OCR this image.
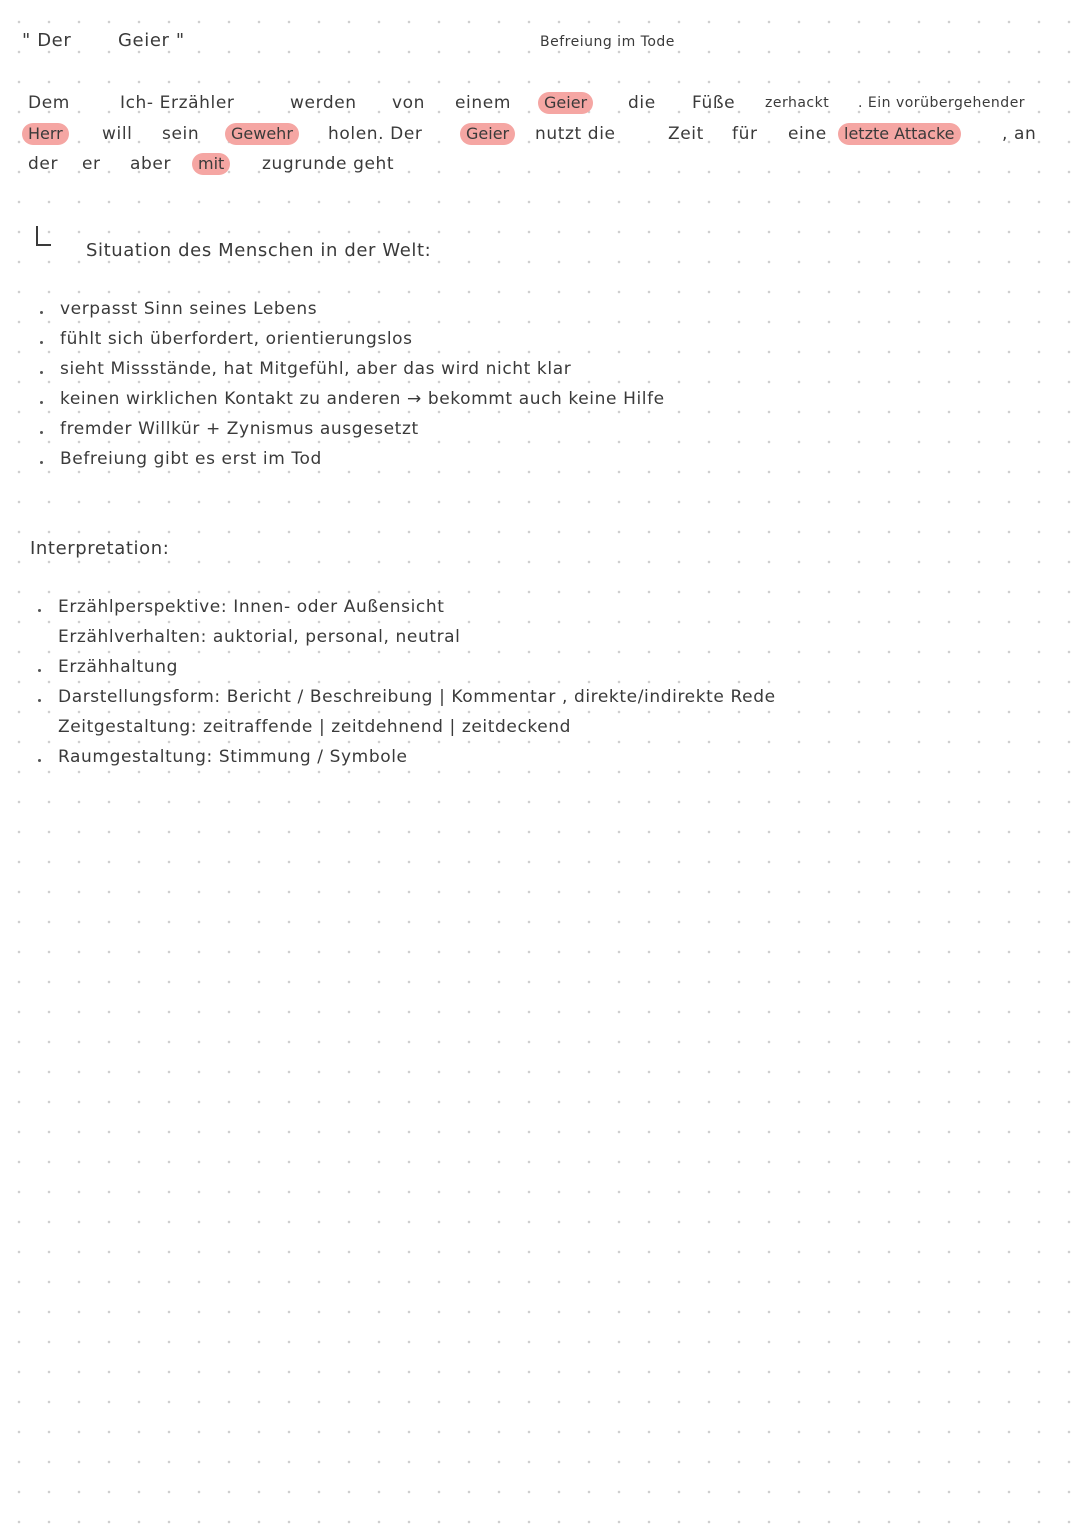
" Der	Geier "	Befreiung im Tode
Dem	Ich- Erzähler	werden von einem	Geier	die Füße zerhackt . Ein vorübergehender
Herr	will sein	Gewehr	holen. Der	Geier	nutzt die	Zeit für eine	letzte Attacke	, an
der er aber	mit	zugrunde geht
Situation des Menschen in der Welt:
verpasst Sinn seines Lebens
fühlt sich überfordert, orientierungslos
sieht Missstände, hat Mitgefühl, aber das wird nicht klar
keinen wirklichen Kontakt zu anderen → bekommt auch keine Hilfe
fremder Willkür + Zynismus ausgesetzt
Befreiung gibt es erst im Tod
Interpretation:
Erzählperspektive: Innen- oder Außensicht
Erzählverhalten: auktorial, personal, neutral
Erzähhaltung
Darstellungsform: Bericht / Beschreibung | Kommentar , direkte/indirekte Rede
Zeitgestaltung: zeitraffende | zeitdehnend | zeitdeckend
Raumgestaltung: Stimmung / Symbole
